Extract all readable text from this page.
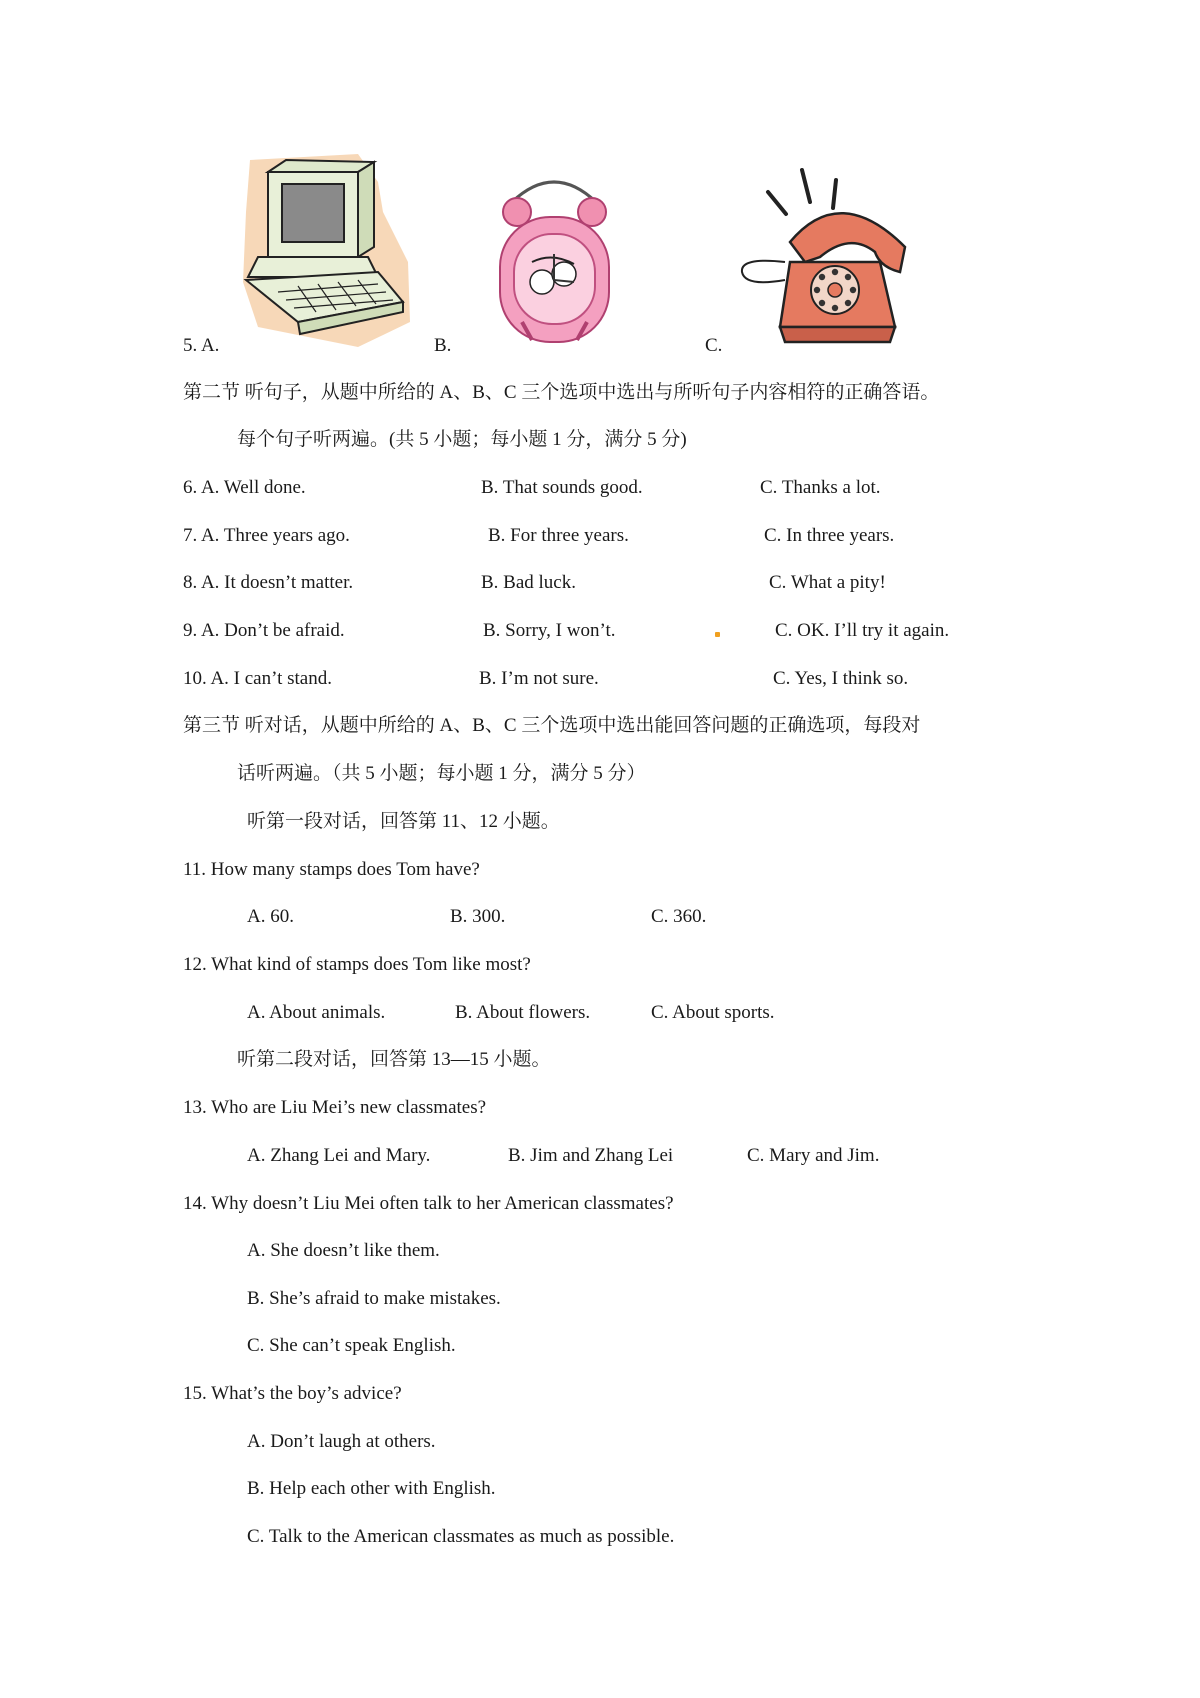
5. A.	B.	C.
第二节 听句子，从题中所给的 A、B、C 三个选项中选出与所听句子内容相符的正确答语。
每个句子听两遍。(共 5 小题；每小题 1 分，满分 5 分)
6. A. Well done.	B. That sounds good.	C. Thanks a lot.
7. A. Three years ago.	B. For three years.	C. In three years.
8. A. It doesn’t matter.	B. Bad luck.	C. What a pity!
9. A. Don’t be afraid.	B. Sorry, I won’t.	C. OK. I’ll try it again.
10. A. I can’t stand.	B. I’m not sure.	C. Yes, I think so.
第三节 听对话，从题中所给的 A、B、C 三个选项中选出能回答问题的正确选项，每段对
话听两遍。（共 5 小题；每小题 1 分，满分 5 分）
听第一段对话，回答第 11、12 小题。
11. How many stamps does Tom have?
A. 60.	B. 300.	C. 360.
12. What kind of stamps does Tom like most?
A. About animals.	B. About flowers.	C. About sports.
听第二段对话，回答第 13—15 小题。
13. Who are Liu Mei’s new classmates?
A. Zhang Lei and Mary.	B. Jim and Zhang Lei	C. Mary and Jim.
14. Why doesn’t Liu Mei often talk to her American classmates?
A. She doesn’t like them.
B. She’s afraid to make mistakes.
C. She can’t speak English.
15. What’s the boy’s advice?
A. Don’t laugh at others.
B. Help each other with English.
C. Talk to the American classmates as much as possible.
